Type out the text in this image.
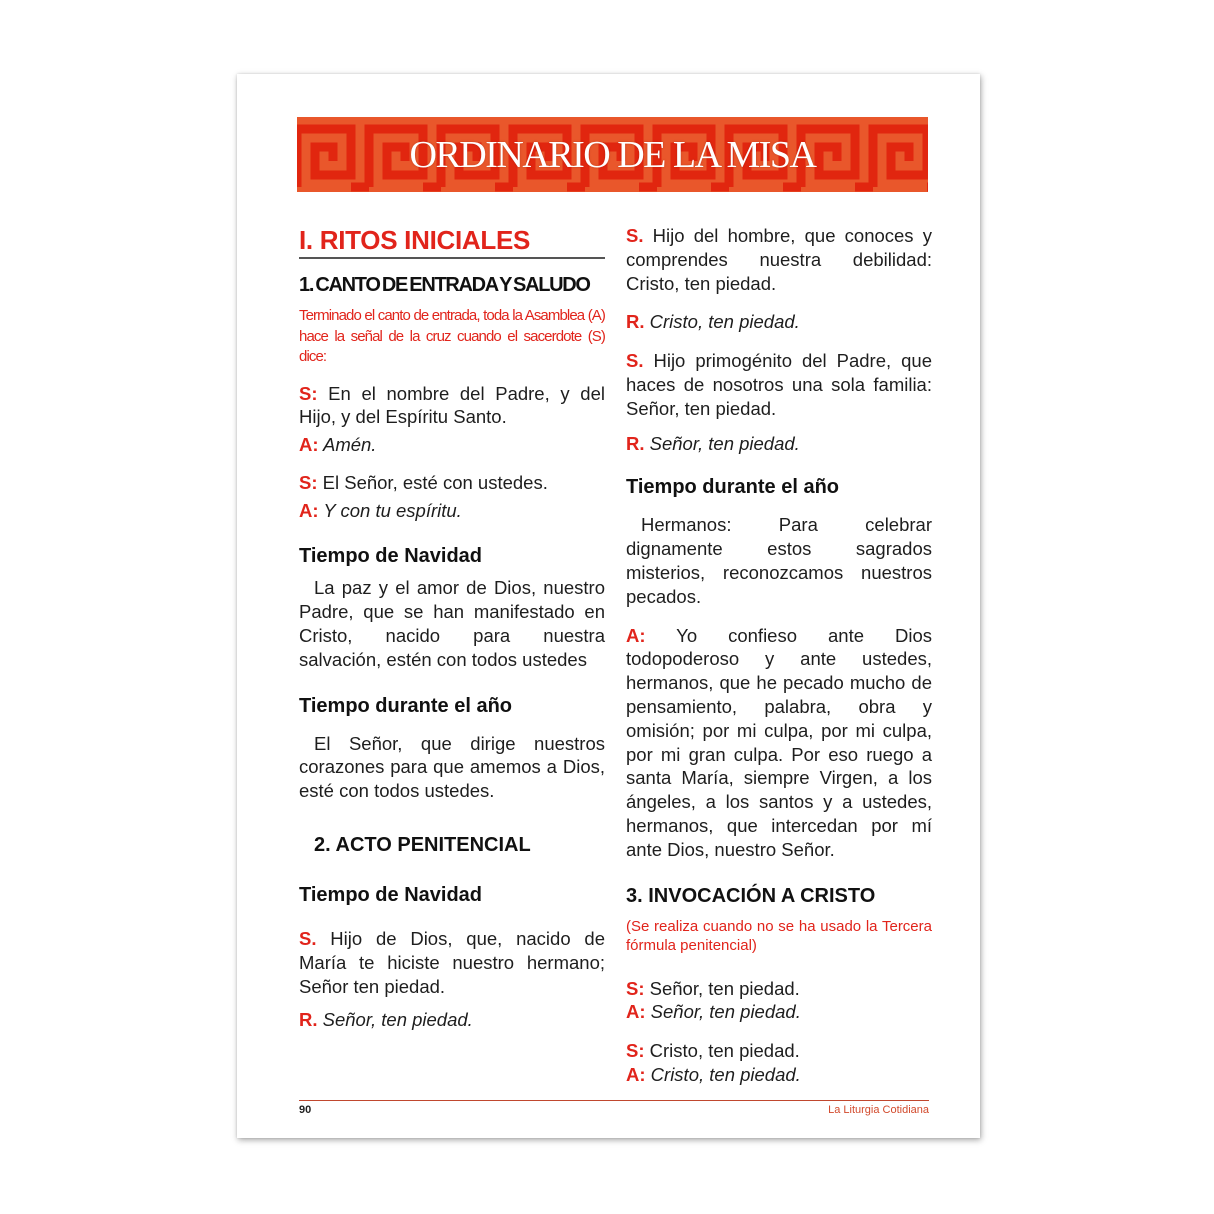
ORDINARIO DE LA MISA
I. RITOS INICIALES
1. CANTO DE ENTRADA Y SALUDO
Terminado el canto de entrada, toda la Asamblea (A) hace la señal de la cruz cuando el sacerdote (S) dice:
S: En el nombre del Padre, y del Hijo, y del Espíritu Santo.
A: Amén.
S: El Señor, esté con ustedes.
A: Y con tu espíritu.
Tiempo de Navidad
La paz y el amor de Dios, nuestro Padre, que se han manifestado en Cristo, nacido para nuestra salvación, estén con todos ustedes
Tiempo durante el año
El Señor, que dirige nuestros corazones para que amemos a Dios, esté con todos ustedes.
2. ACTO PENITENCIAL
Tiempo de Navidad
S. Hijo de Dios, que, nacido de María te hiciste nuestro hermano; Señor ten piedad.
R. Señor, ten piedad.
S. Hijo del hombre, que conoces y comprendes nuestra debilidad: Cristo, ten piedad.
R. Cristo, ten piedad.
S. Hijo primogénito del Padre, que haces de nosotros una sola familia: Señor, ten piedad.
R. Señor, ten piedad.
Tiempo durante el año
Hermanos: Para celebrar dignamente estos sagrados misterios, reconozcamos nuestros pecados.
A: Yo confieso ante Dios todopoderoso y ante ustedes, hermanos, que he pecado mucho de pensamiento, palabra, obra y omisión; por mi culpa, por mi culpa, por mi gran culpa. Por eso ruego a santa María, siempre Virgen, a los ángeles, a los santos y a ustedes, hermanos, que intercedan por mí ante Dios, nuestro Señor.
3. INVOCACIÓN A CRISTO
(Se realiza cuando no se ha usado la Tercera fórmula penitencial)
S: Señor, ten piedad.
A: Señor, ten piedad.
S: Cristo, ten piedad.
A: Cristo, ten piedad.
90	La Liturgia Cotidiana
